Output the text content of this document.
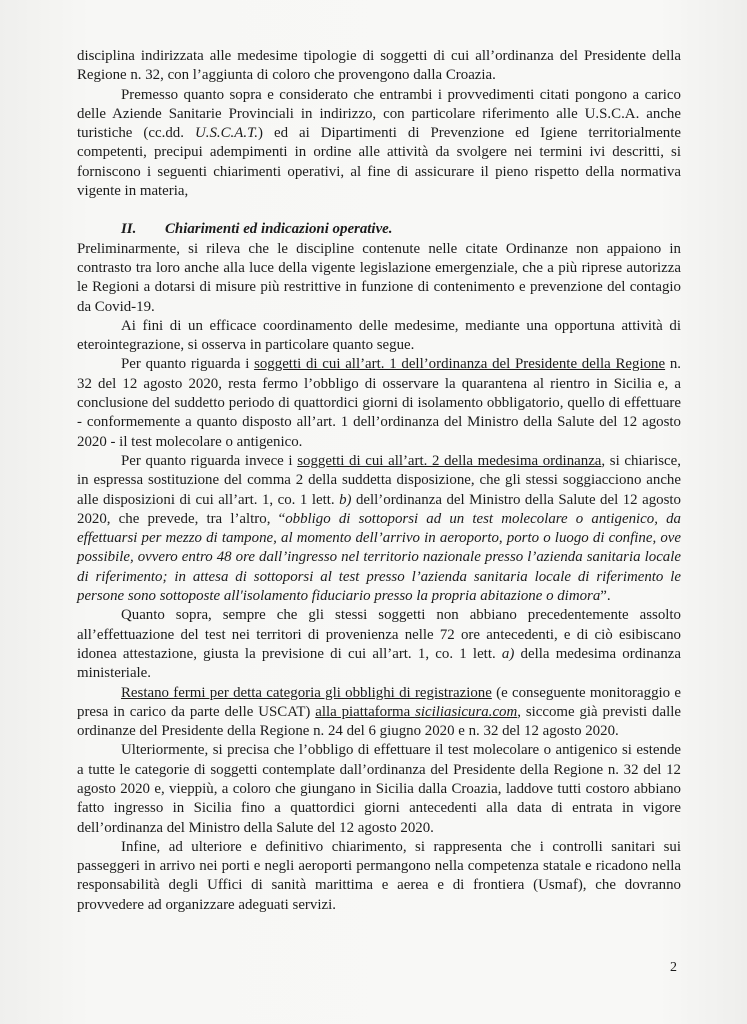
disciplina indirizzata alle medesime tipologie di soggetti di cui all’ordinanza del Presidente della Regione n. 32, con l’aggiunta di coloro che provengono dalla Croazia.

Premesso quanto sopra e considerato che entrambi i provvedimenti citati pongono a carico delle Aziende Sanitarie Provinciali in indirizzo, con particolare riferimento alle U.S.C.A. anche turistiche (cc.dd. U.S.C.A.T.) ed ai Dipartimenti di Prevenzione ed Igiene territorialmente competenti, precipui adempimenti in ordine alle attività da svolgere nei termini ivi descritti, si forniscono i seguenti chiarimenti operativi, al fine di assicurare il pieno rispetto della normativa vigente in materia,

II. Chiarimenti ed indicazioni operative.

Preliminarmente, si rileva che le discipline contenute nelle citate Ordinanze non appaiono in contrasto tra loro anche alla luce della vigente legislazione emergenziale, che a più riprese autorizza le Regioni a dotarsi di misure più restrittive in funzione di contenimento e prevenzione del contagio da Covid-19.

Ai fini di un efficace coordinamento delle medesime, mediante una opportuna attività di eterointegrazione, si osserva in particolare quanto segue.

Per quanto riguarda i soggetti di cui all’art. 1 dell’ordinanza del Presidente della Regione n. 32 del 12 agosto 2020, resta fermo l’obbligo di osservare la quarantena al rientro in Sicilia e, a conclusione del suddetto periodo di quattordici giorni di isolamento obbligatorio, quello di effettuare - conformemente a quanto disposto all’art. 1 dell’ordinanza del Ministro della Salute del 12 agosto 2020 - il test molecolare o antigenico.

Per quanto riguarda invece i soggetti di cui all’art. 2 della medesima ordinanza, si chiarisce, in espressa sostituzione del comma 2 della suddetta disposizione, che gli stessi soggiacciono anche alle disposizioni di cui all’art. 1, co. 1 lett. b) dell’ordinanza del Ministro della Salute del 12 agosto 2020, che prevede, tra l’altro, “obbligo di sottoporsi ad un test molecolare o antigenico, da effettuarsi per mezzo di tampone, al momento dell’arrivo in aeroporto, porto o luogo di confine, ove possibile, ovvero entro 48 ore dall’ingresso nel territorio nazionale presso l’azienda sanitaria locale di riferimento; in attesa di sottoporsi al test presso l’azienda sanitaria locale di riferimento le persone sono sottoposte all'isolamento fiduciario presso la propria abitazione o dimora”.

Quanto sopra, sempre che gli stessi soggetti non abbiano precedentemente assolto all’effettuazione del test nei territori di provenienza nelle 72 ore antecedenti, e di ciò esibiscano idonea attestazione, giusta la previsione di cui all’art. 1, co. 1 lett. a) della medesima ordinanza ministeriale.

Restano fermi per detta categoria gli obblighi di registrazione (e conseguente monitoraggio e presa in carico da parte delle USCAT) alla piattaforma siciliasicura.com, siccome già previsti dalle ordinanze del Presidente della Regione n. 24 del 6 giugno 2020 e n. 32 del 12 agosto 2020.

Ulteriormente, si precisa che l’obbligo di effettuare il test molecolare o antigenico si estende a tutte le categorie di soggetti contemplate dall’ordinanza del Presidente della Regione n. 32 del 12 agosto 2020 e, vieppiù, a coloro che giungano in Sicilia dalla Croazia, laddove tutti costoro abbiano fatto ingresso in Sicilia fino a quattordici giorni antecedenti alla data di entrata in vigore dell’ordinanza del Ministro della Salute del 12 agosto 2020.

Infine, ad ulteriore e definitivo chiarimento, si rappresenta che i controlli sanitari sui passeggeri in arrivo nei porti e negli aeroporti permangono nella competenza statale e ricadono nella responsabilità degli Uffici di sanità marittima e aerea e di frontiera (Usmaf), che dovranno provvedere ad organizzare adeguati servizi.

2
